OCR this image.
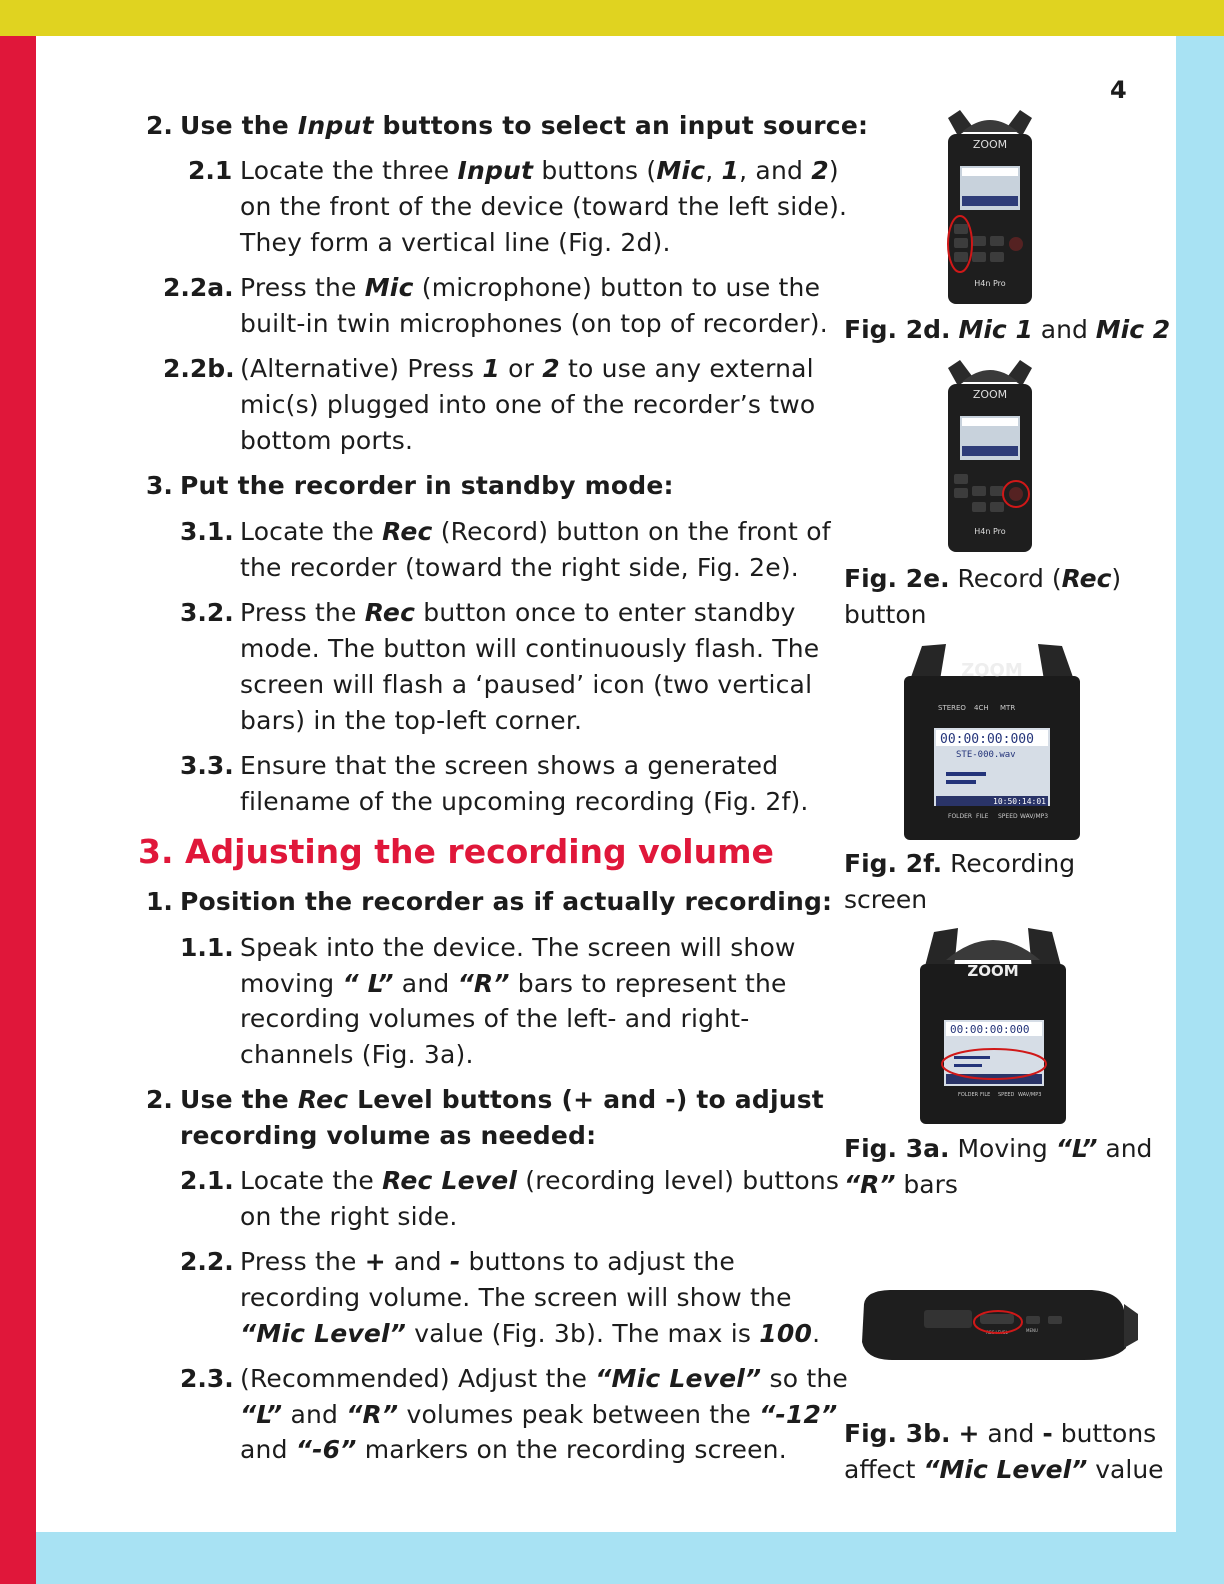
4
2. Use the Input buttons to select an input source:
2.1 Locate the three Input buttons (Mic, 1, and 2)
on the front of the device (toward the left side).
They form a vertical line (Fig. 2d).
2.2a. Press the Mic (microphone) button to use the
built-in twin microphones (on top of recorder).
2.2b. (Alternative) Press 1 or 2 to use any external
mic(s) plugged into one of the recorder’s two
bottom ports.
3. Put the recorder in standby mode:
3.1. Locate the Rec (Record) button on the front of
the recorder (toward the right side, Fig. 2e).
3.2. Press the Rec button once to enter standby
mode. The button will continuously flash. The
screen will flash a ‘paused’ icon (two vertical
bars) in the top-left corner.
3.3. Ensure that the screen shows a generated
filename of the upcoming recording (Fig. 2f).
3. Adjusting the recording volume
1. Position the recorder as if actually recording:
1.1. Speak into the device. The screen will show
moving “ L” and “R” bars to represent the
recording volumes of the left- and right-
channels (Fig. 3a).
2. Use the Rec Level buttons (+ and -) to adjust
recording volume as needed:
2.1. Locate the Rec Level (recording level) buttons
on the right side.
2.2. Press the + and - buttons to adjust the
recording volume. The screen will show the
“Mic Level” value (Fig. 3b). The max is 100.
2.3. (Recommended) Adjust the “Mic Level” so the
“L” and “R” volumes peak between the “-12”
and “-6” markers on the recording screen.
ZOOM
H4n Pro
Fig. 2d. Mic 1 and Mic 2
ZOOM
H4n Pro
Fig. 2e. Record (Rec)
button
ZOOM
STEREO 4CH MTR
00:00:00:000
STE-000.wav
10:50:14:01
FOLDER FILE SPEED WAV/MP3
Fig. 2f. Recording
screen
ZOOM
00:00:00:000
FOLDER FILE SPEED WAV/MP3
Fig. 3a. Moving “L” and
“R” bars
REC LEVEL	MENU
Fig. 3b. + and - buttons
affect “Mic Level” value
